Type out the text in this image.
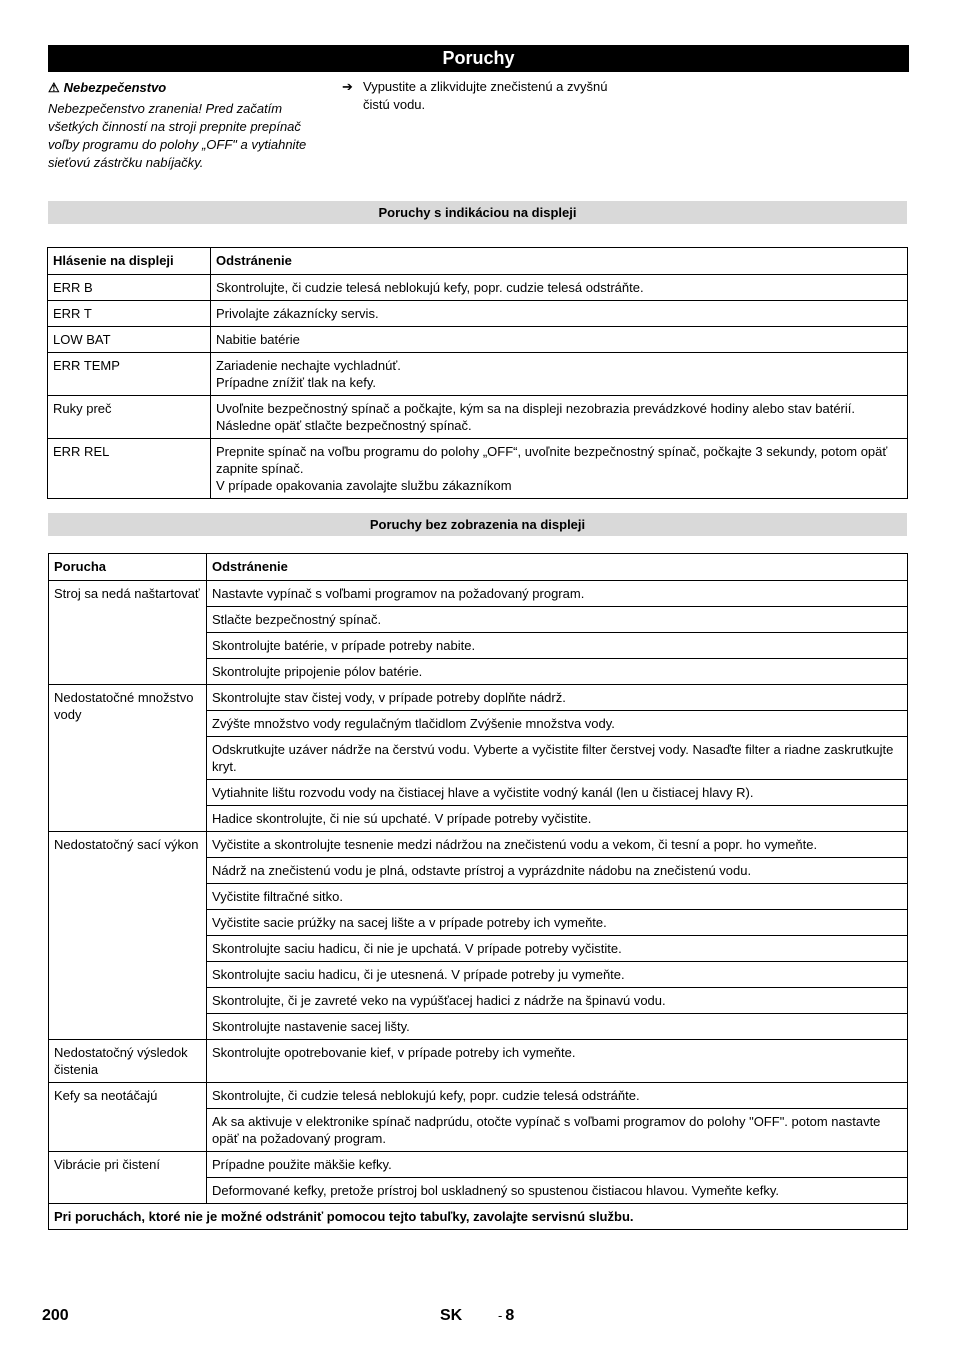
Poruchy
⚠ Nebezpečenstvo
Nebezpečenstvo zranenia! Pred začatím všetkých činností na stroji prepnite prepínač voľby programu do polohy „OFF" a vytiahnite sieťovú zástrčku nabíjačky.
➔ Vypustite a zlikvidujte znečistenú a zvyšnú čistú vodu.
Poruchy s indikáciou na displeji
Hlásenie na displeji	Odstránenie
ERR B	Skontrolujte, či cudzie telesá neblokujú kefy, popr. cudzie telesá odstráňte.
ERR T	Privolajte zákaznícky servis.
LOW BAT	Nabitie batérie
ERR TEMP	Zariadenie nechajte vychladnúť.
Prípadne znížiť tlak na kefy.
Ruky preč	Uvoľnite bezpečnostný spínač a počkajte, kým sa na displeji nezobrazia prevádzkové hodiny alebo stav batérií. Následne opäť stlačte bezpečnostný spínač.
ERR REL	Prepnite spínač na voľbu programu do polohy „OFF“, uvoľnite bezpečnostný spínač, počkajte 3 sekundy, potom opäť zapnite spínač.
V prípade opakovania zavolajte službu zákazníkom
Poruchy bez zobrazenia na displeji
Porucha	Odstránenie
Stroj sa nedá naštartovať	Nastavte vypínač s voľbami programov na požadovaný program.
	Stlačte bezpečnostný spínač.
	Skontrolujte batérie, v prípade potreby nabite.
	Skontrolujte pripojenie pólov batérie.
Nedostatočné množstvo vody	Skontrolujte stav čistej vody, v prípade potreby doplňte nádrž.
	Zvýšte množstvo vody regulačným tlačidlom Zvýšenie množstva vody.
	Odskrutkujte uzáver nádrže na čerstvú vodu. Vyberte a vyčistite filter čerstvej vody. Nasaďte filter a riadne zaskrutkujte kryt.
	Vytiahnite lištu rozvodu vody na čistiacej hlave a vyčistite vodný kanál (len u čistiacej hlavy R).
	Hadice skontrolujte, či nie sú upchaté. V prípade potreby vyčistite.
Nedostatočný sací výkon	Vyčistite a skontrolujte tesnenie medzi nádržou na znečistenú vodu a vekom, či tesní a popr. ho vymeňte.
	Nádrž na znečistenú vodu je plná, odstavte prístroj a vyprázdnite nádobu na znečistenú vodu.
	Vyčistite filtračné sitko.
	Vyčistite sacie prúžky na sacej lište a v prípade potreby ich vymeňte.
	Skontrolujte saciu hadicu, či nie je upchatá. V prípade potreby vyčistite.
	Skontrolujte saciu hadicu, či je utesnená. V prípade potreby ju vymeňte.
	Skontrolujte, či je zavreté veko na vypúšťacej hadici z nádrže na špinavú vodu.
	Skontrolujte nastavenie sacej lišty.
Nedostatočný výsledok čistenia	Skontrolujte opotrebovanie kief, v prípade potreby ich vymeňte.
Kefy sa neotáčajú	Skontrolujte, či cudzie telesá neblokujú kefy, popr. cudzie telesá odstráňte.
	Ak sa aktivuje v elektronike spínač nadprúdu, otočte vypínač s voľbami programov do polohy "OFF". potom nastavte opäť na požadovaný program.
Vibrácie pri čistení	Prípadne použite mäkšie kefky.
	Deformované kefky, pretože prístroj bol uskladnený so spustenou čistiacou hlavou. Vymeňte kefky.
Pri poruchách, ktoré nie je možné odstrániť pomocou tejto tabuľky, zavolajte servisnú službu.	
200	SK	- 8
